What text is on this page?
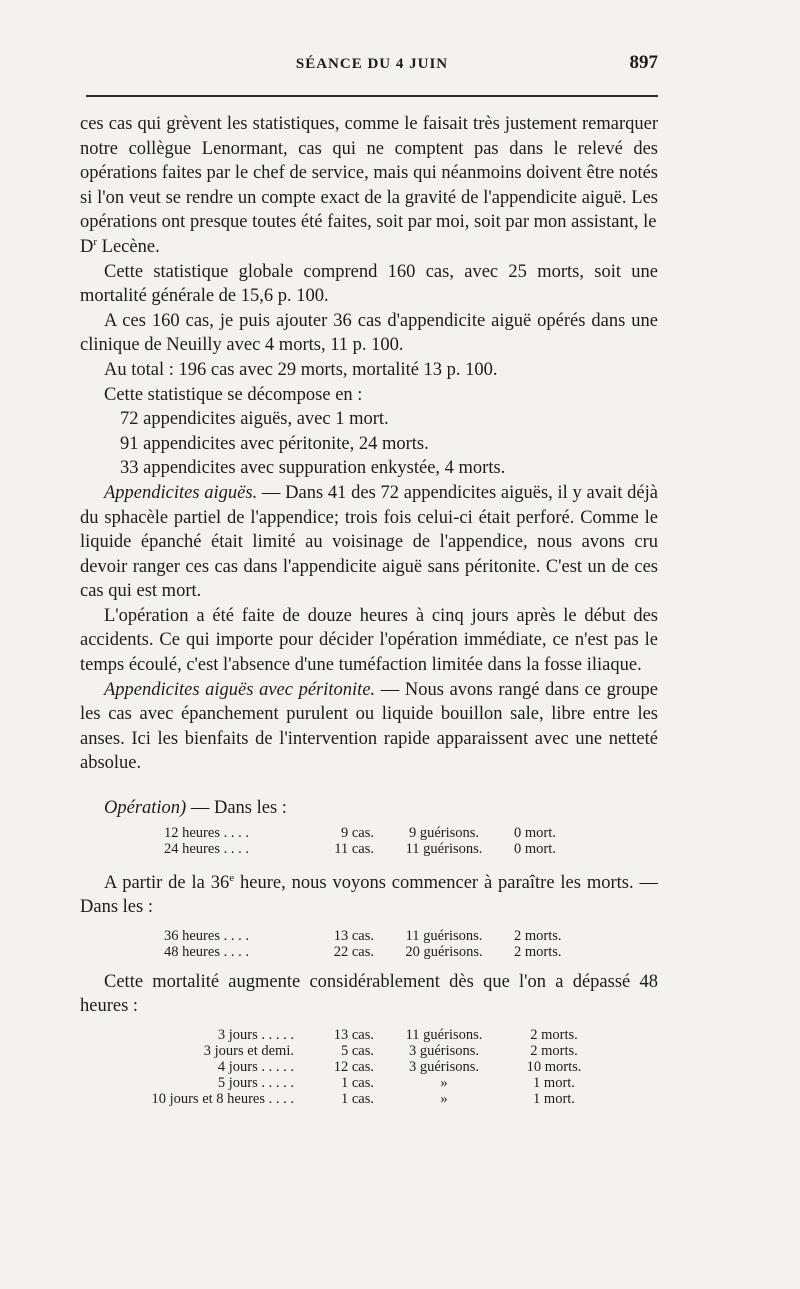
SÉANCE DU 4 JUIN	897

ces cas qui grèvent les statistiques, comme le faisait très justement remarquer notre collègue Lenormant, cas qui ne comptent pas dans le relevé des opérations faites par le chef de service, mais qui néanmoins doivent être notés si l'on veut se rendre un compte exact de la gravité de l'appendicite aiguë. Les opérations ont presque toutes été faites, soit par moi, soit par mon assistant, le

$D^r$ Lecène.

Cette statistique globale comprend 160 cas, avec 25 morts, soit une mortalité générale de 15,6 p. 100.

A ces 160 cas, je puis ajouter 36 cas d'appendicite aiguë opérés dans une clinique de Neuilly avec 4 morts, 11 p. 100.

Au total : 196 cas avec 29 morts, mortalité 13 p. 100.

Cette statistique se décompose en :

72 appendicites aiguës, avec 1 mort.

91 appendicites avec péritonite, 24 morts.

33 appendicites avec suppuration enkystée, 4 morts.

Appendicites aiguës. — Dans 41 des 72 appendicites aiguës, il y avait déjà du sphacèle partiel de l'appendice; trois fois celui-ci était perforé. Comme le liquide épanché était limité au voisinage de l'appendice, nous avons cru devoir ranger ces cas dans l'appendicite aiguë sans péritonite. C'est un de ces cas qui est mort.

L'opération a été faite de douze heures à cinq jours après le début des accidents. Ce qui importe pour décider l'opération immédiate, ce n'est pas le temps écoulé, c'est l'absence d'une tuméfaction limitée dans la fosse iliaque.

Appendicites aiguës avec péritonite. — Nous avons rangé dans ce groupe les cas avec épanchement purulent ou liquide bouillon sale, libre entre les anses. Ici les bienfaits de l'intervention rapide apparaissent avec une netteté absolue.

Opération) — Dans les :

12 heures . . . .	9 cas.	9 guérisons.	0 mort.
24 heures . . . .	11 cas.	11 guérisons.	0 mort.

A partir de la 36e heure, nous voyons commencer à paraître les morts. — Dans les :

36 heures . . . .	13 cas.	11 guérisons.	2 morts.
48 heures . . . .	22 cas.	20 guérisons.	2 morts.

Cette mortalité augmente considérablement dès que l'on a dépassé 48 heures :

3 jours . . . . .	13 cas.	11 guérisons.	2 morts.
3 jours et demi.	5 cas.	3 guérisons.	2 morts.
4 jours . . . . .	12 cas.	3 guérisons.	10 morts.
5 jours . . . . .	1 cas.	»	1 mort.
10 jours et 8 heures . . . .	1 cas.	»	1 mort.
